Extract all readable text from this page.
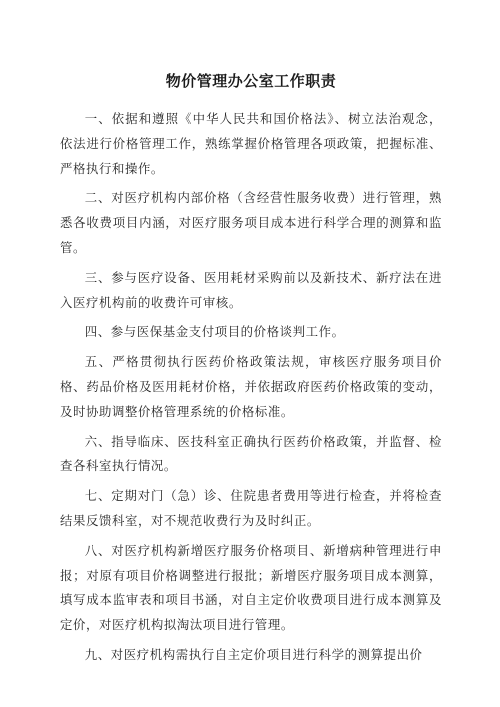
物价管理办公室工作职责

一、依据和遵照《中华人民共和国价格法》、树立法治观念，依法进行价格管理工作，熟练掌握价格管理各项政策，把握标准、严格执行和操作。

二、对医疗机构内部价格（含经营性服务收费）进行管理，熟悉各收费项目内涵，对医疗服务项目成本进行科学合理的测算和监管。

三、参与医疗设备、医用耗材采购前以及新技术、新疗法在进入医疗机构前的收费许可审核。

四、参与医保基金支付项目的价格谈判工作。

五、严格贯彻执行医药价格政策法规，审核医疗服务项目价格、药品价格及医用耗材价格，并依据政府医药价格政策的变动，及时协助调整价格管理系统的价格标准。

六、指导临床、医技科室正确执行医药价格政策，并监督、检查各科室执行情况。

七、定期对门（急）诊、住院患者费用等进行检查，并将检查结果反馈科室，对不规范收费行为及时纠正。

八、对医疗机构新增医疗服务价格项目、新增病种管理进行申报；对原有项目价格调整进行报批；新增医疗服务项目成本测算，填写成本监审表和项目书涵，对自主定价收费项目进行成本测算及定价，对医疗机构拟淘汰项目进行管理。

九、对医疗机构需执行自主定价项目进行科学的测算提出价
